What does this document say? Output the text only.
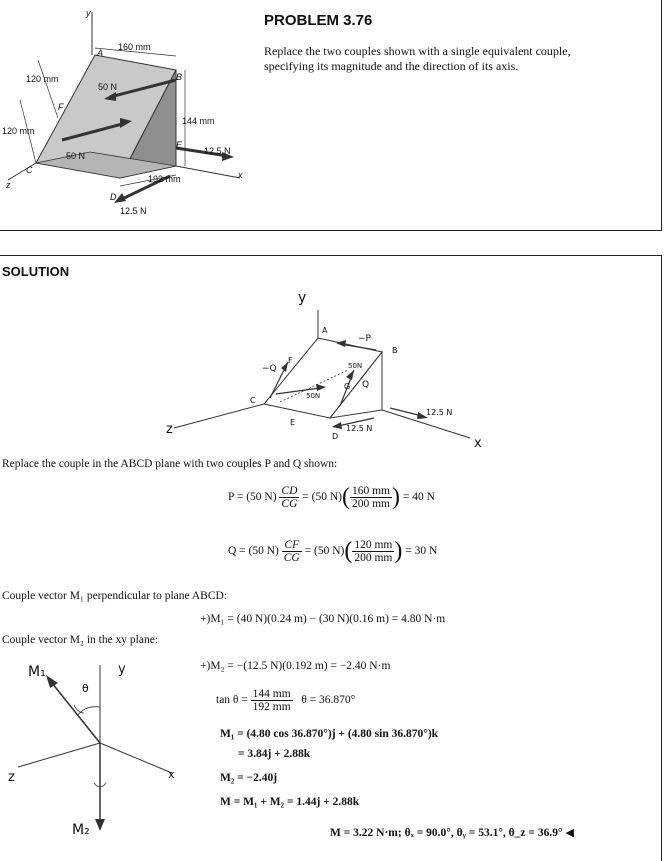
y
x
z
A
B
C
D
E
F
160 mm
120 mm
120 mm
144 mm
192 mm
50 N
50 N	12.5 N
12.5 N
PROBLEM 3.76
Replace the two couples shown with a single equivalent couple,
specifying its magnitude and the direction of its axis.
SOLUTION
y
x
z
A
B
C
D
E
F
G
−P
−Q
Q
50N
50N
12.5 N
12.5 N
Replace the couple in the ABCD plane with two couples P and Q shown:
P = (50 $N) \frac{CD}{CG} = (50$ $N)( \frac{160 mm}{200 mm}$ ) = 40 N
Q = (50 $N) \frac{CF}{CG} = (50$ $N)( \frac{120 mm}{200 mm}$ ) = 30 N
Couple vector M₁ perpendicular to plane ABCD:
+)M₁ = (40 N)(0.24 m) − (30 N)(0.16 m) = 4.80 N·m
Couple vector M₂ in the xy plane:
M₁
M₂
y
x
z
θ
+)M₂ = −(12.5 N)(0.192 m) = −2.40 N·m
$\tan \theta = \frac{144 mm}{192 mm}$ θ = 36.870°
M₁ = (4.80 cos 36.870°)j + (4.80 sin 36.870°)k
= 3.84j + 2.88k
M₂ = −2.40j
M = M₁ + M₂ = 1.44j + 2.88k
M = 3.22 N·m; θₓ = 90.0°, θᵧ = 53.1°, θ_z = 36.9° ◀
